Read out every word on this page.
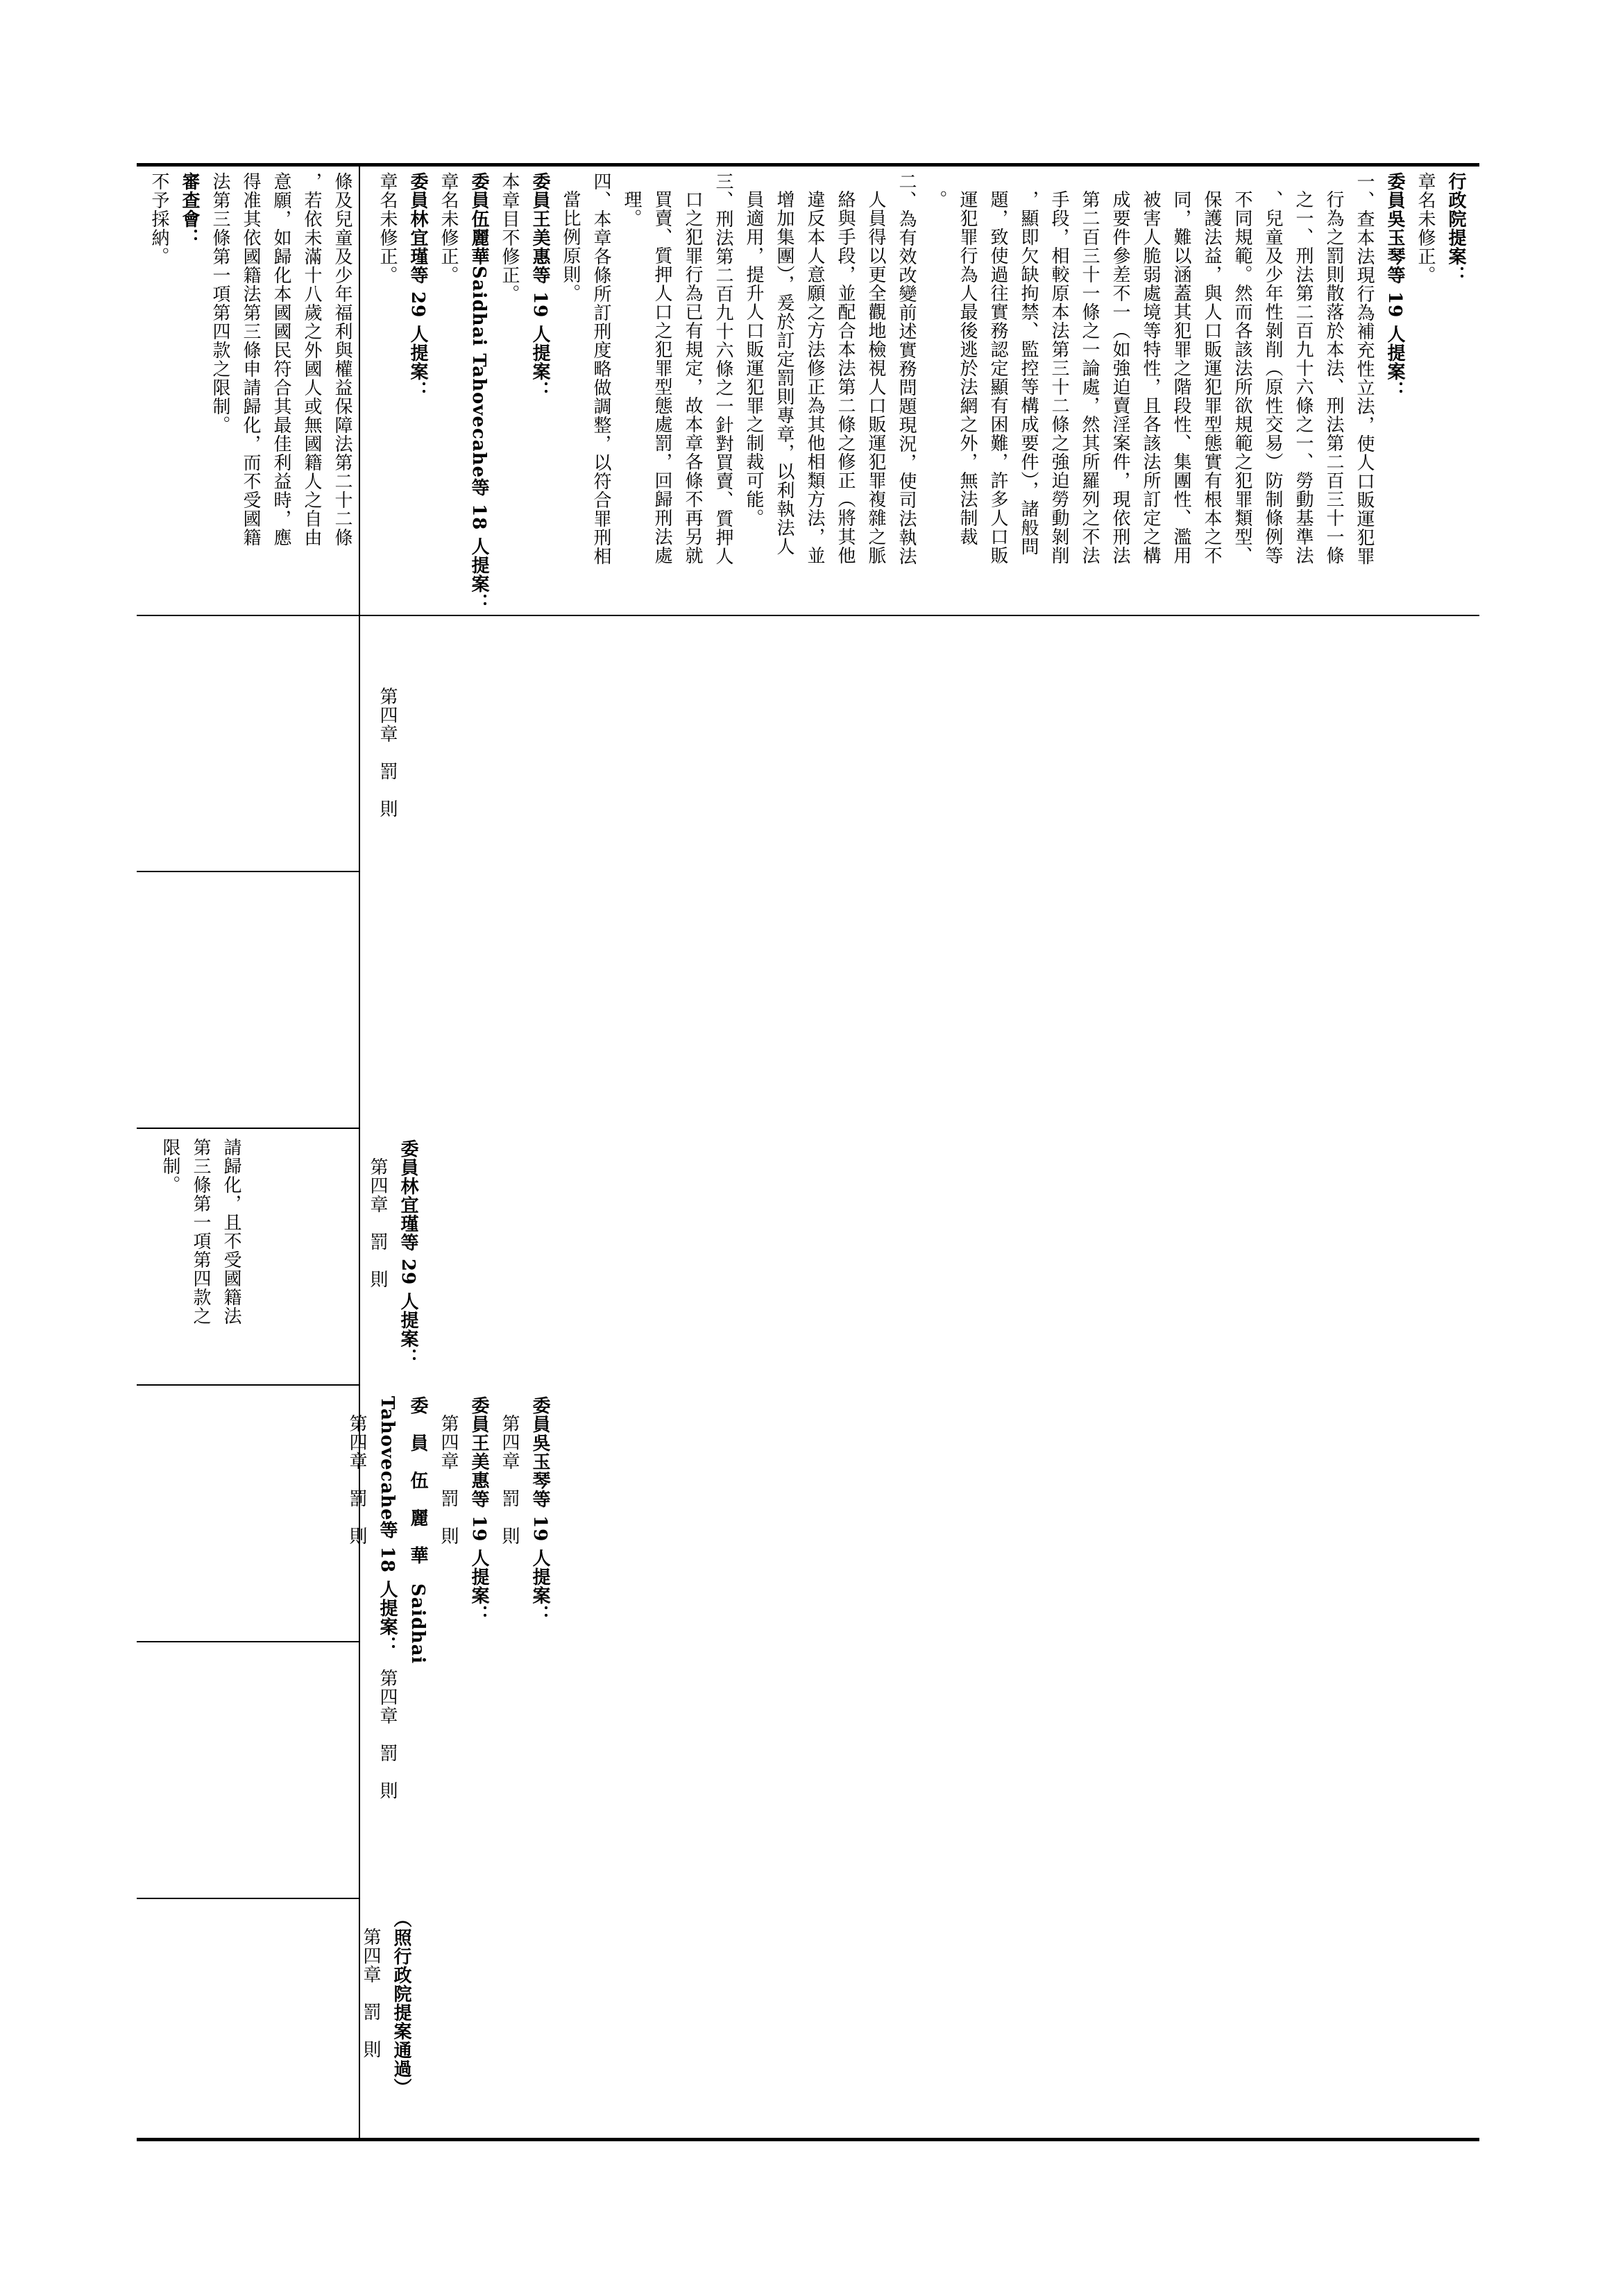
（照行政院提案通過）
第四章　罰　則
第四章　罰　則
委員吳玉琴等 19 人提案：
第四章　罰　則
委員王美惠等 19 人提案：
第四章　罰　則
委　員　伍　麗　華　Saidhai
Tahovecahe等 18 人提案：
第四章　罰　則
請歸化，且不受國籍法
第三條第一項第四款之
限制。	委員林宜瑾等 29 人提案：
第四章　罰　則
第四章　罰　則
條及兒童及少年福利與權益保障法第二十二條
，若依未滿十八歲之外國人或無國籍人之自由
意願，如歸化本國國民符合其最佳利益時，應
得准其依國籍法第三條申請歸化，而不受國籍
法第三條第一項第四款之限制。
審查會：
不予採納。	行政院提案：
章名未修正。
委員吳玉琴等 19 人提案：
一、查本法現行為補充性立法，使人口販運犯罪
行為之罰則散落於本法、刑法第二百三十一條
之一、刑法第二百九十六條之一、勞動基準法
、兒童及少年性剝削（原性交易）防制條例等
不同規範。然而各該法所欲規範之犯罪類型、
保護法益，與人口販運犯罪型態實有根本之不
同，難以涵蓋其犯罪之階段性、集團性、濫用
被害人脆弱處境等特性，且各該法所訂定之構
成要件參差不一（如強迫賣淫案件，現依刑法
第二百三十一條之一論處，然其所羅列之不法
手段，相較原本法第三十二條之強迫勞動剝削
，顯即欠缺拘禁、監控等構成要件），諸般問
題，致使過往實務認定顯有困難，許多人口販
運犯罪行為人最後逃於法網之外，無法制裁
。
二、為有效改變前述實務問題現況，使司法執法
人員得以更全觀地檢視人口販運犯罪複雜之脈
絡與手段，並配合本法第二條之修正（將其他
違反本人意願之方法修正為其他相類方法，並
增加集團），爰於訂定罰則專章，以利執法人
員適用，提升人口販運犯罪之制裁可能。
三、刑法第二百九十六條之一針對買賣、質押人
口之犯罪行為已有規定，故本章各條不再另就
買賣、質押人口之犯罪型態處罰，回歸刑法處
理。
四、本章各條所訂刑度略做調整，以符合罪刑相
當比例原則。
委員王美惠等 19 人提案：
本章目不修正。
委員伍麗華Saidhai Tahovecahe等 18 人提案：
章名未修正。
委員林宜瑾等 29 人提案：
章名未修正。
